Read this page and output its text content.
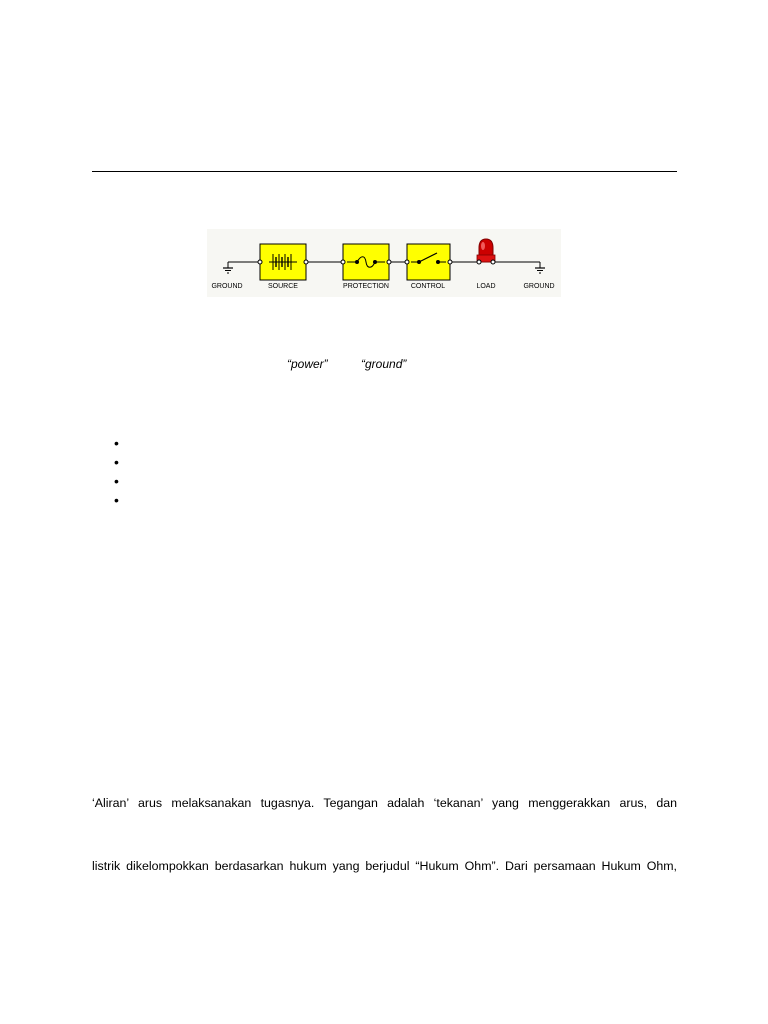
GROUND	SOURCE	PROTECTION	CONTROL	LOAD	GROUND
“power”	“ground”
•
•
•
•
‘Aliran’ arus melaksanakan tugasnya. Tegangan adalah ‘tekanan’ yang menggerakkan arus, dan
listrik dikelompokkan berdasarkan hukum yang berjudul “Hukum Ohm”. Dari persamaan Hukum Ohm,
